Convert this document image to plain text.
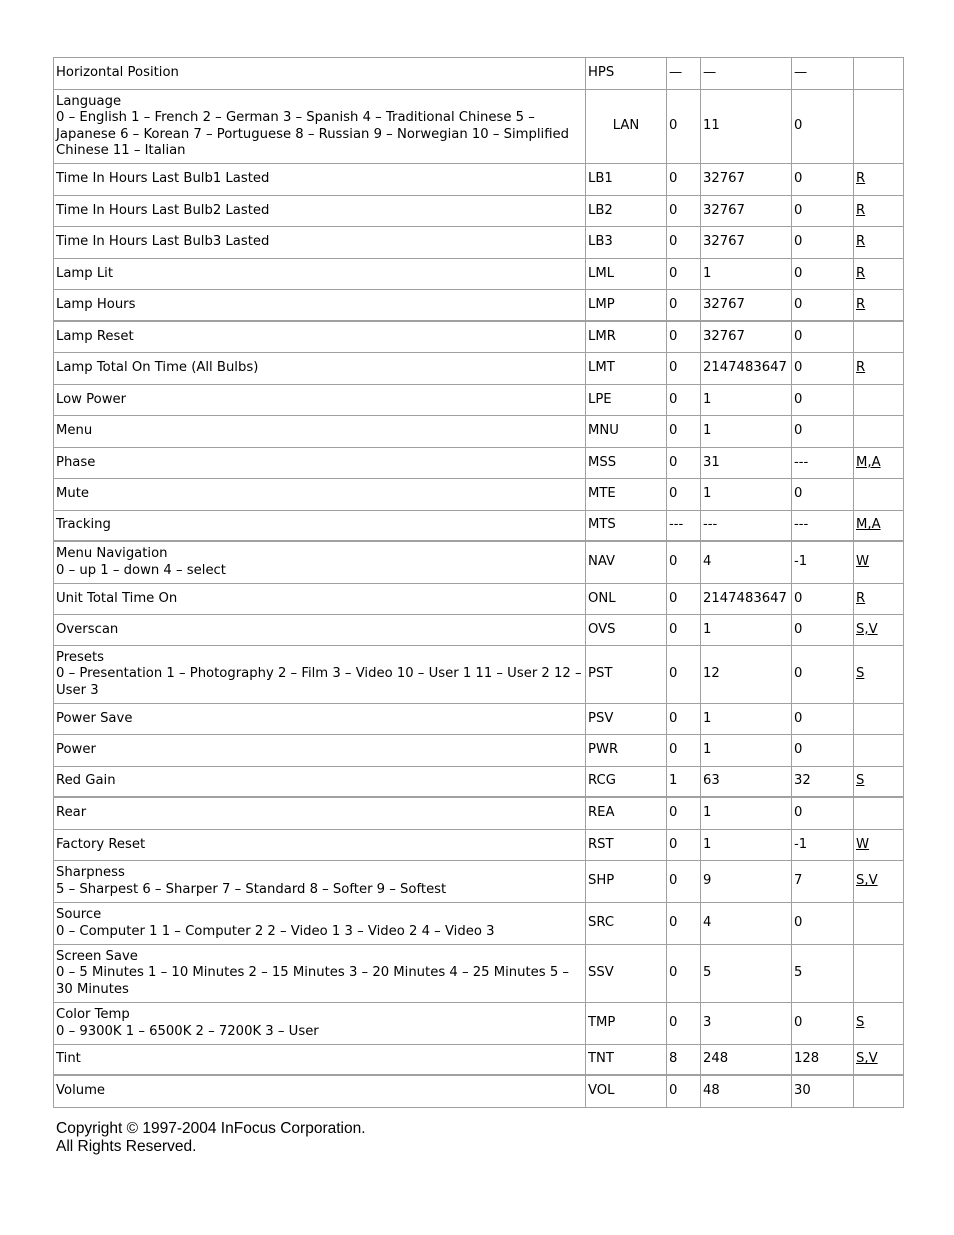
Horizontal Position	HPS	—	—	—	

Language
0 – English 1 – French 2 – German 3 – Spanish 4 – Traditional Chinese 5 – Japanese 6 – Korean 7 – Portuguese 8 – Russian 9 – Norwegian 10 – Simplified Chinese 11 – Italian	LAN	0	11	0	

Time In Hours Last Bulb1 Lasted	LB1	0	32767	0	R

Time In Hours Last Bulb2 Lasted	LB2	0	32767	0	R

Time In Hours Last Bulb3 Lasted	LB3	0	32767	0	R

Lamp Lit	LML	0	1	0	R

Lamp Hours	LMP	0	32767	0	R

Lamp Reset	LMR	0	32767	0	

Lamp Total On Time (All Bulbs)	LMT	0	2147483647	0	R

Low Power	LPE	0	1	0	

Menu	MNU	0	1	0	

Phase	MSS	0	31	---	M,A

Mute	MTE	0	1	0	

Tracking	MTS	---	---	---	M,A

Menu Navigation
0 – up 1 – down 4 – select	NAV	0	4	-1	W

Unit Total Time On	ONL	0	2147483647	0	R

Overscan	OVS	0	1	0	S,V

Presets
0 – Presentation 1 – Photography 2 – Film 3 – Video 10 – User 1 11 – User 2 12 – User 3	PST	0	12	0	S

Power Save	PSV	0	1	0	

Power	PWR	0	1	0	

Red Gain	RCG	1	63	32	S

Rear	REA	0	1	0	

Factory Reset	RST	0	1	-1	W

Sharpness
5 – Sharpest 6 – Sharper 7 – Standard 8 – Softer 9 – Softest	SHP	0	9	7	S,V

Source
0 – Computer 1 1 – Computer 2 2 – Video 1 3 – Video 2 4 – Video 3	SRC	0	4	0	

Screen Save
0 – 5 Minutes 1 – 10 Minutes 2 – 15 Minutes 3 – 20 Minutes 4 – 25 Minutes 5 – 30 Minutes	SSV	0	5	5	

Color Temp
0 – 9300K 1 – 6500K 2 – 7200K 3 – User	TMP	0	3	0	S

Tint	TNT	8	248	128	S,V

Volume	VOL	0	48	30	
Copyright © 1997-2004 InFocus Corporation.
All Rights Reserved.
